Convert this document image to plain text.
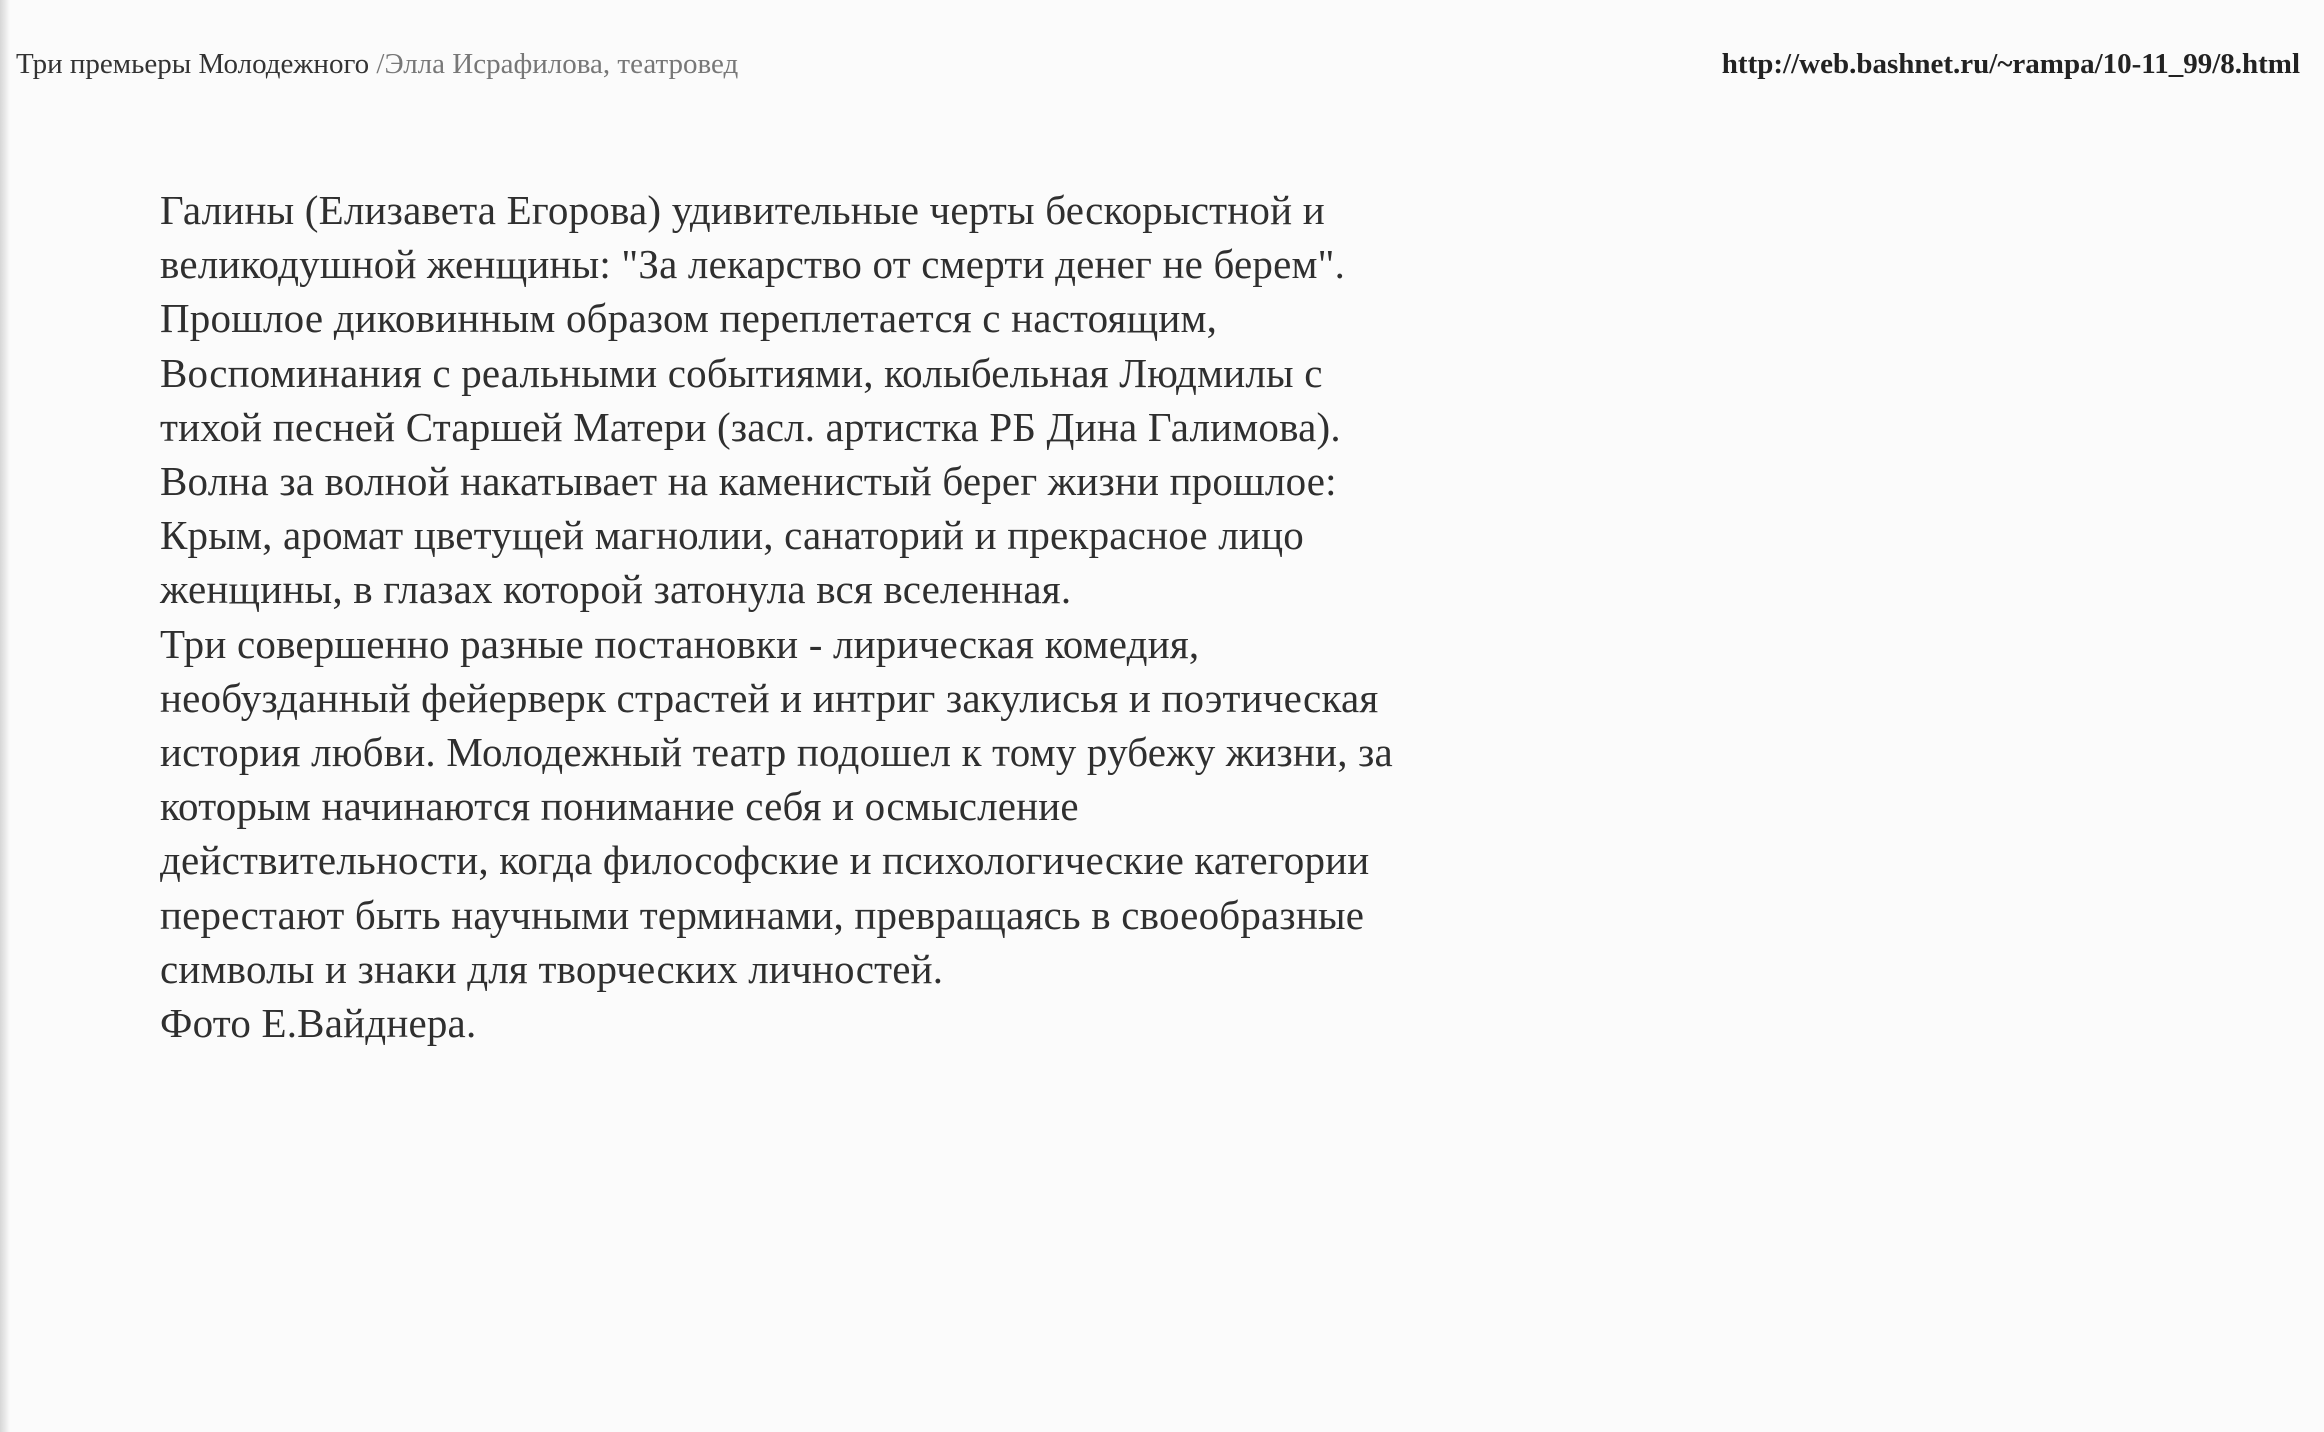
Три премьеры Молодежного /Элла Исрафилова, театровед	http://web.bashnet.ru/~rampa/10-11_99/8.html

Галины (Елизавета Егорова) удивительные черты бескорыстной и великодушной женщины: "За лекарство от смерти денег не берем".

Прошлое диковинным образом переплетается с настоящим, Воспоминания с реальными событиями, колыбельная Людмилы с тихой песней Старшей Матери (засл. артистка РБ Дина Галимова). Волна за волной накатывает на каменистый берег жизни прошлое: Крым, аромат цветущей магнолии, санаторий и прекрасное лицо женщины, в глазах которой затонула вся вселенная.

Три совершенно разные постановки - лирическая комедия, необузданный фейерверк страстей и интриг закулисья и поэтическая история любви. Молодежный театр подошел к тому рубежу жизни, за которым начинаются понимание себя и осмысление действительности, когда философские и психологические категории перестают быть научными терминами, превращаясь в своеобразные символы и знаки для творческих личностей.

Фото Е.Вайднера.
